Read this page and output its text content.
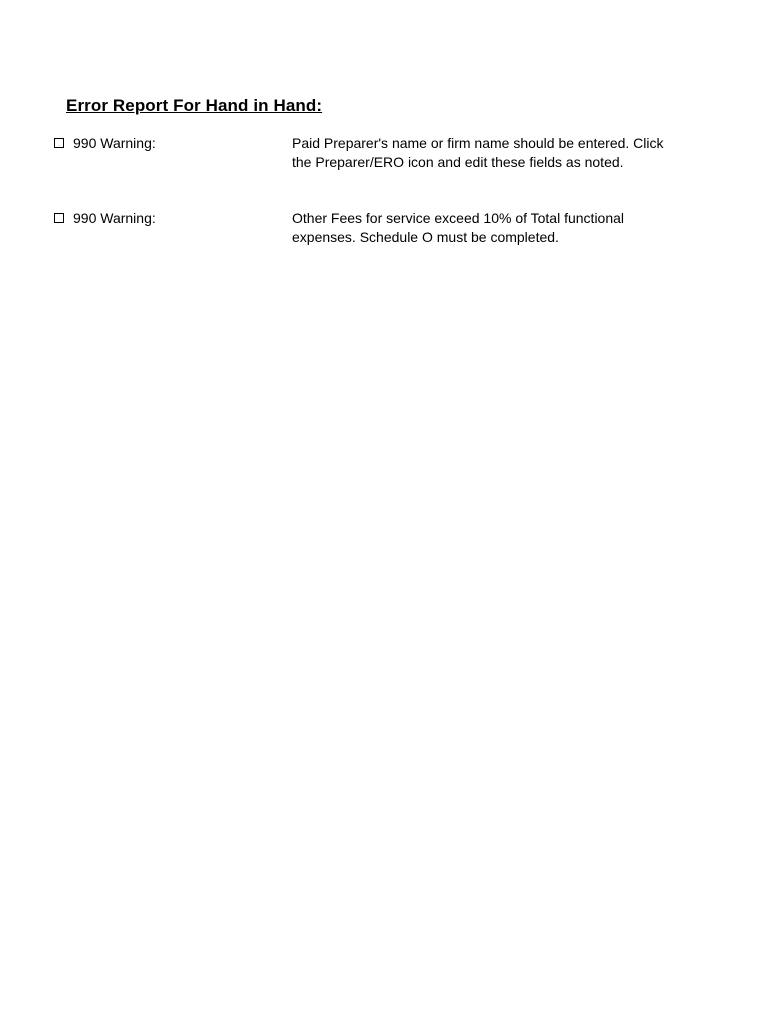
Error Report For Hand in Hand:
990 Warning:	Paid Preparer's name or firm name should be entered. Click
the Preparer/ERO icon and edit these fields as noted.
990 Warning:	Other Fees for service exceed 10% of Total functional
expenses. Schedule O must be completed.
